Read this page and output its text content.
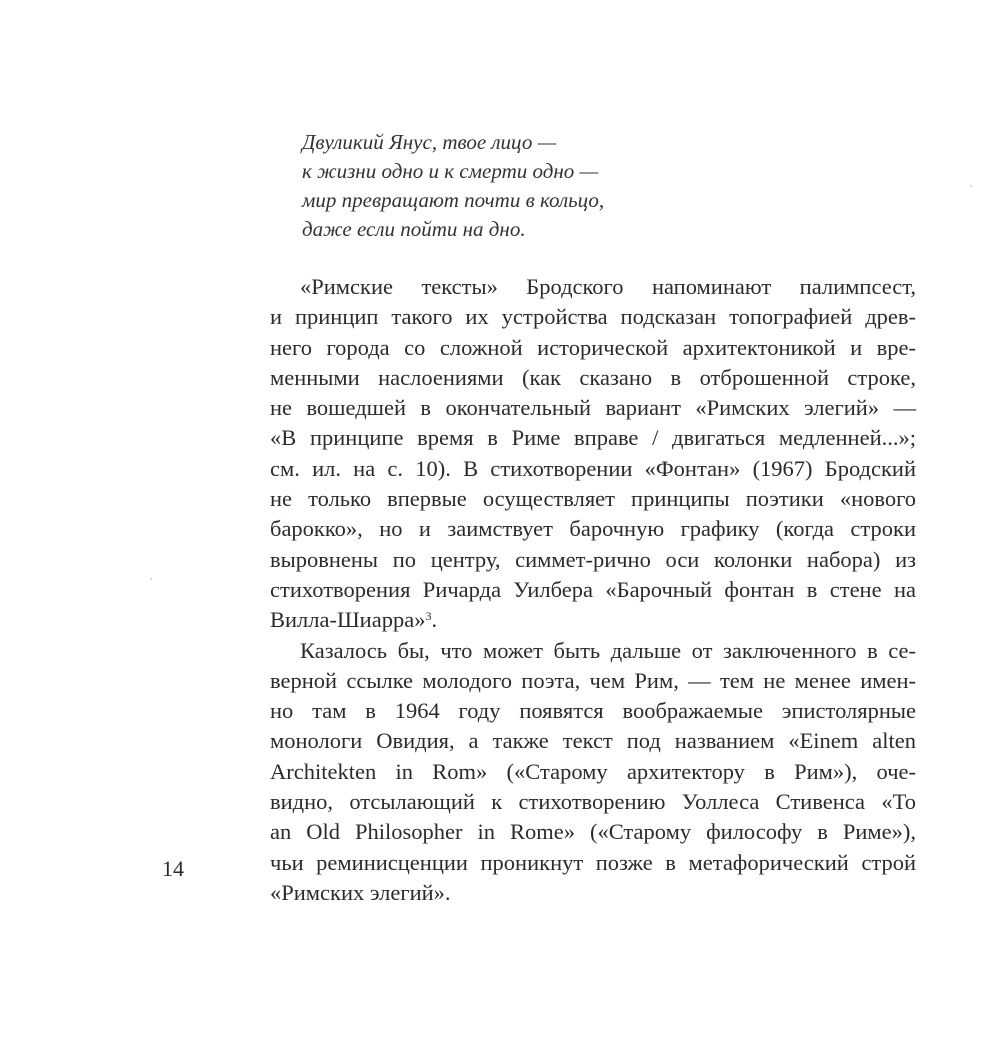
Двуликий Янус, твое лицо —
к жизни одно и к смерти одно —
мир превращают почти в кольцо,
даже если пойти на дно.
«Римские тексты» Бродского напоминают палимпсест,
и принцип такого их устройства подсказан топографией древ-
него города со сложной исторической архитектоникой и вре-
менными наслоениями (как сказано в отброшенной строке,
не вошедшей в окончательный вариант «Римских элегий» —
«В принципе время в Риме вправе / двигаться медленней...»;
см. ил. на с. 10). В стихотворении «Фонтан» (1967) Бродский
не только впервые осуществляет принципы поэтики «нового
барокко», но и заимствует барочную графику (когда строки
выровнены по центру, симмет-рично оси колонки набора) из
стихотворения Ричарда Уилбера «Барочный фонтан в стене на
Вилла-Шиарра»$^3$.
Казалось бы, что может быть дальше от заключенного в се-
верной ссылке молодого поэта, чем Рим, — тем не менее имен-
но там в 1964 году появятся воображаемые эпистолярные
монологи Овидия, а также текст под названием «Einem alten
Architekten in Rom» («Старому архитектору в Рим»), оче-
видно, отсылающий к стихотворению Уоллеса Стивенса «To
an Old Philosopher in Rome» («Старому философу в Риме»),
чьи реминисценции проникнут позже в метафорический строй
«Римских элегий».
14
